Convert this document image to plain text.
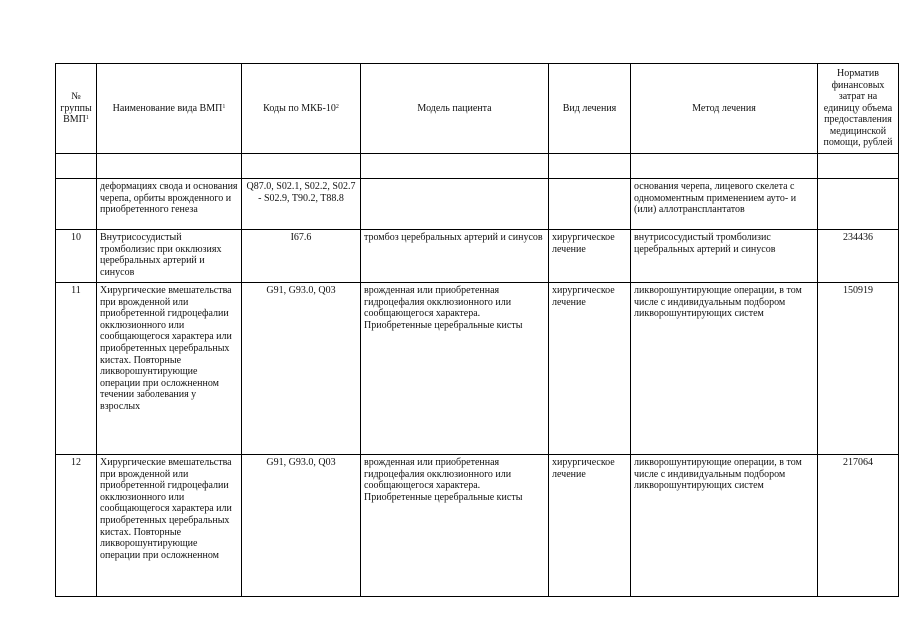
№ группы ВМП$^1$	Наименование вида ВМП$^1$	Коды по МКБ-$10^2$	Модель пациента	Вид лечения	Метод лечения	Норматив финансовых затрат на единицу объема предоставления медицинской помощи, рублей

	деформациях свода и основания черепа, орбиты врожденного и приобретенного генеза	Q87.0, S02.1, S02.2, S02.7 - S02.9, T90.2, T88.8			основания черепа, лицевого скелета с одномоментным применением ауто- и (или) аллотрансплантатов	
10	Внутрисосудистый тромболизис при окклюзиях церебральных артерий и синусов	I67.6	тромбоз церебральных артерий и синусов	хирургическое лечение	внутрисосудистый тромболизис церебральных артерий и синусов	234436
11	Хирургические вмешательства при врожденной или приобретенной гидроцефалии окклюзионного или сообщающегося характера или приобретенных церебральных кистах. Повторные ликворошунтирующие операции при осложненном течении заболевания у взрослых	G91, G93.0, Q03	врожденная или приобретенная гидроцефалия окклюзионного или сообщающегося характера. Приобретенные церебральные кисты	хирургическое лечение	ликворошунтирующие операции, в том числе с индивидуальным подбором ликворошунтирующих систем	150919
12	Хирургические вмешательства при врожденной или приобретенной гидроцефалии окклюзионного или сообщающегося характера или приобретенных церебральных кистах. Повторные ликворошунтирующие операции при осложненном	G91, G93.0, Q03	врожденная или приобретенная гидроцефалия окклюзионного или сообщающегося характера. Приобретенные церебральные кисты	хирургическое лечение	ликворошунтирующие операции, в том числе с индивидуальным подбором ликворошунтирующих систем	217064
